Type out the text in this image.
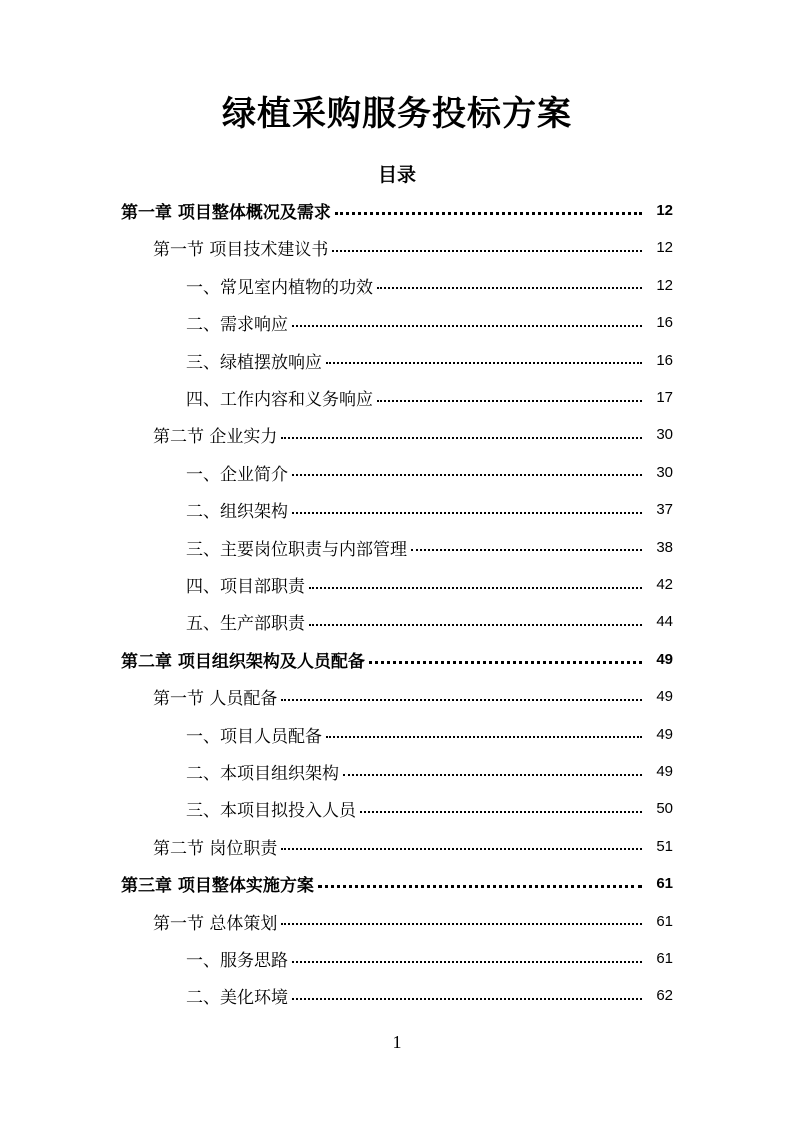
绿植采购服务投标方案
目录
第一章 项目整体概况及需求	12
第一节 项目技术建议书	12
一、常见室内植物的功效	12
二、需求响应	16
三、绿植摆放响应	16
四、工作内容和义务响应	17
第二节 企业实力	30
一、企业简介	30
二、组织架构	37
三、主要岗位职责与内部管理	38
四、项目部职责	42
五、生产部职责	44
第二章 项目组织架构及人员配备	49
第一节 人员配备	49
一、项目人员配备	49
二、本项目组织架构	49
三、本项目拟投入人员	50
第二节 岗位职责	51
第三章 项目整体实施方案	61
第一节 总体策划	61
一、服务思路	61
二、美化环境	62
1
